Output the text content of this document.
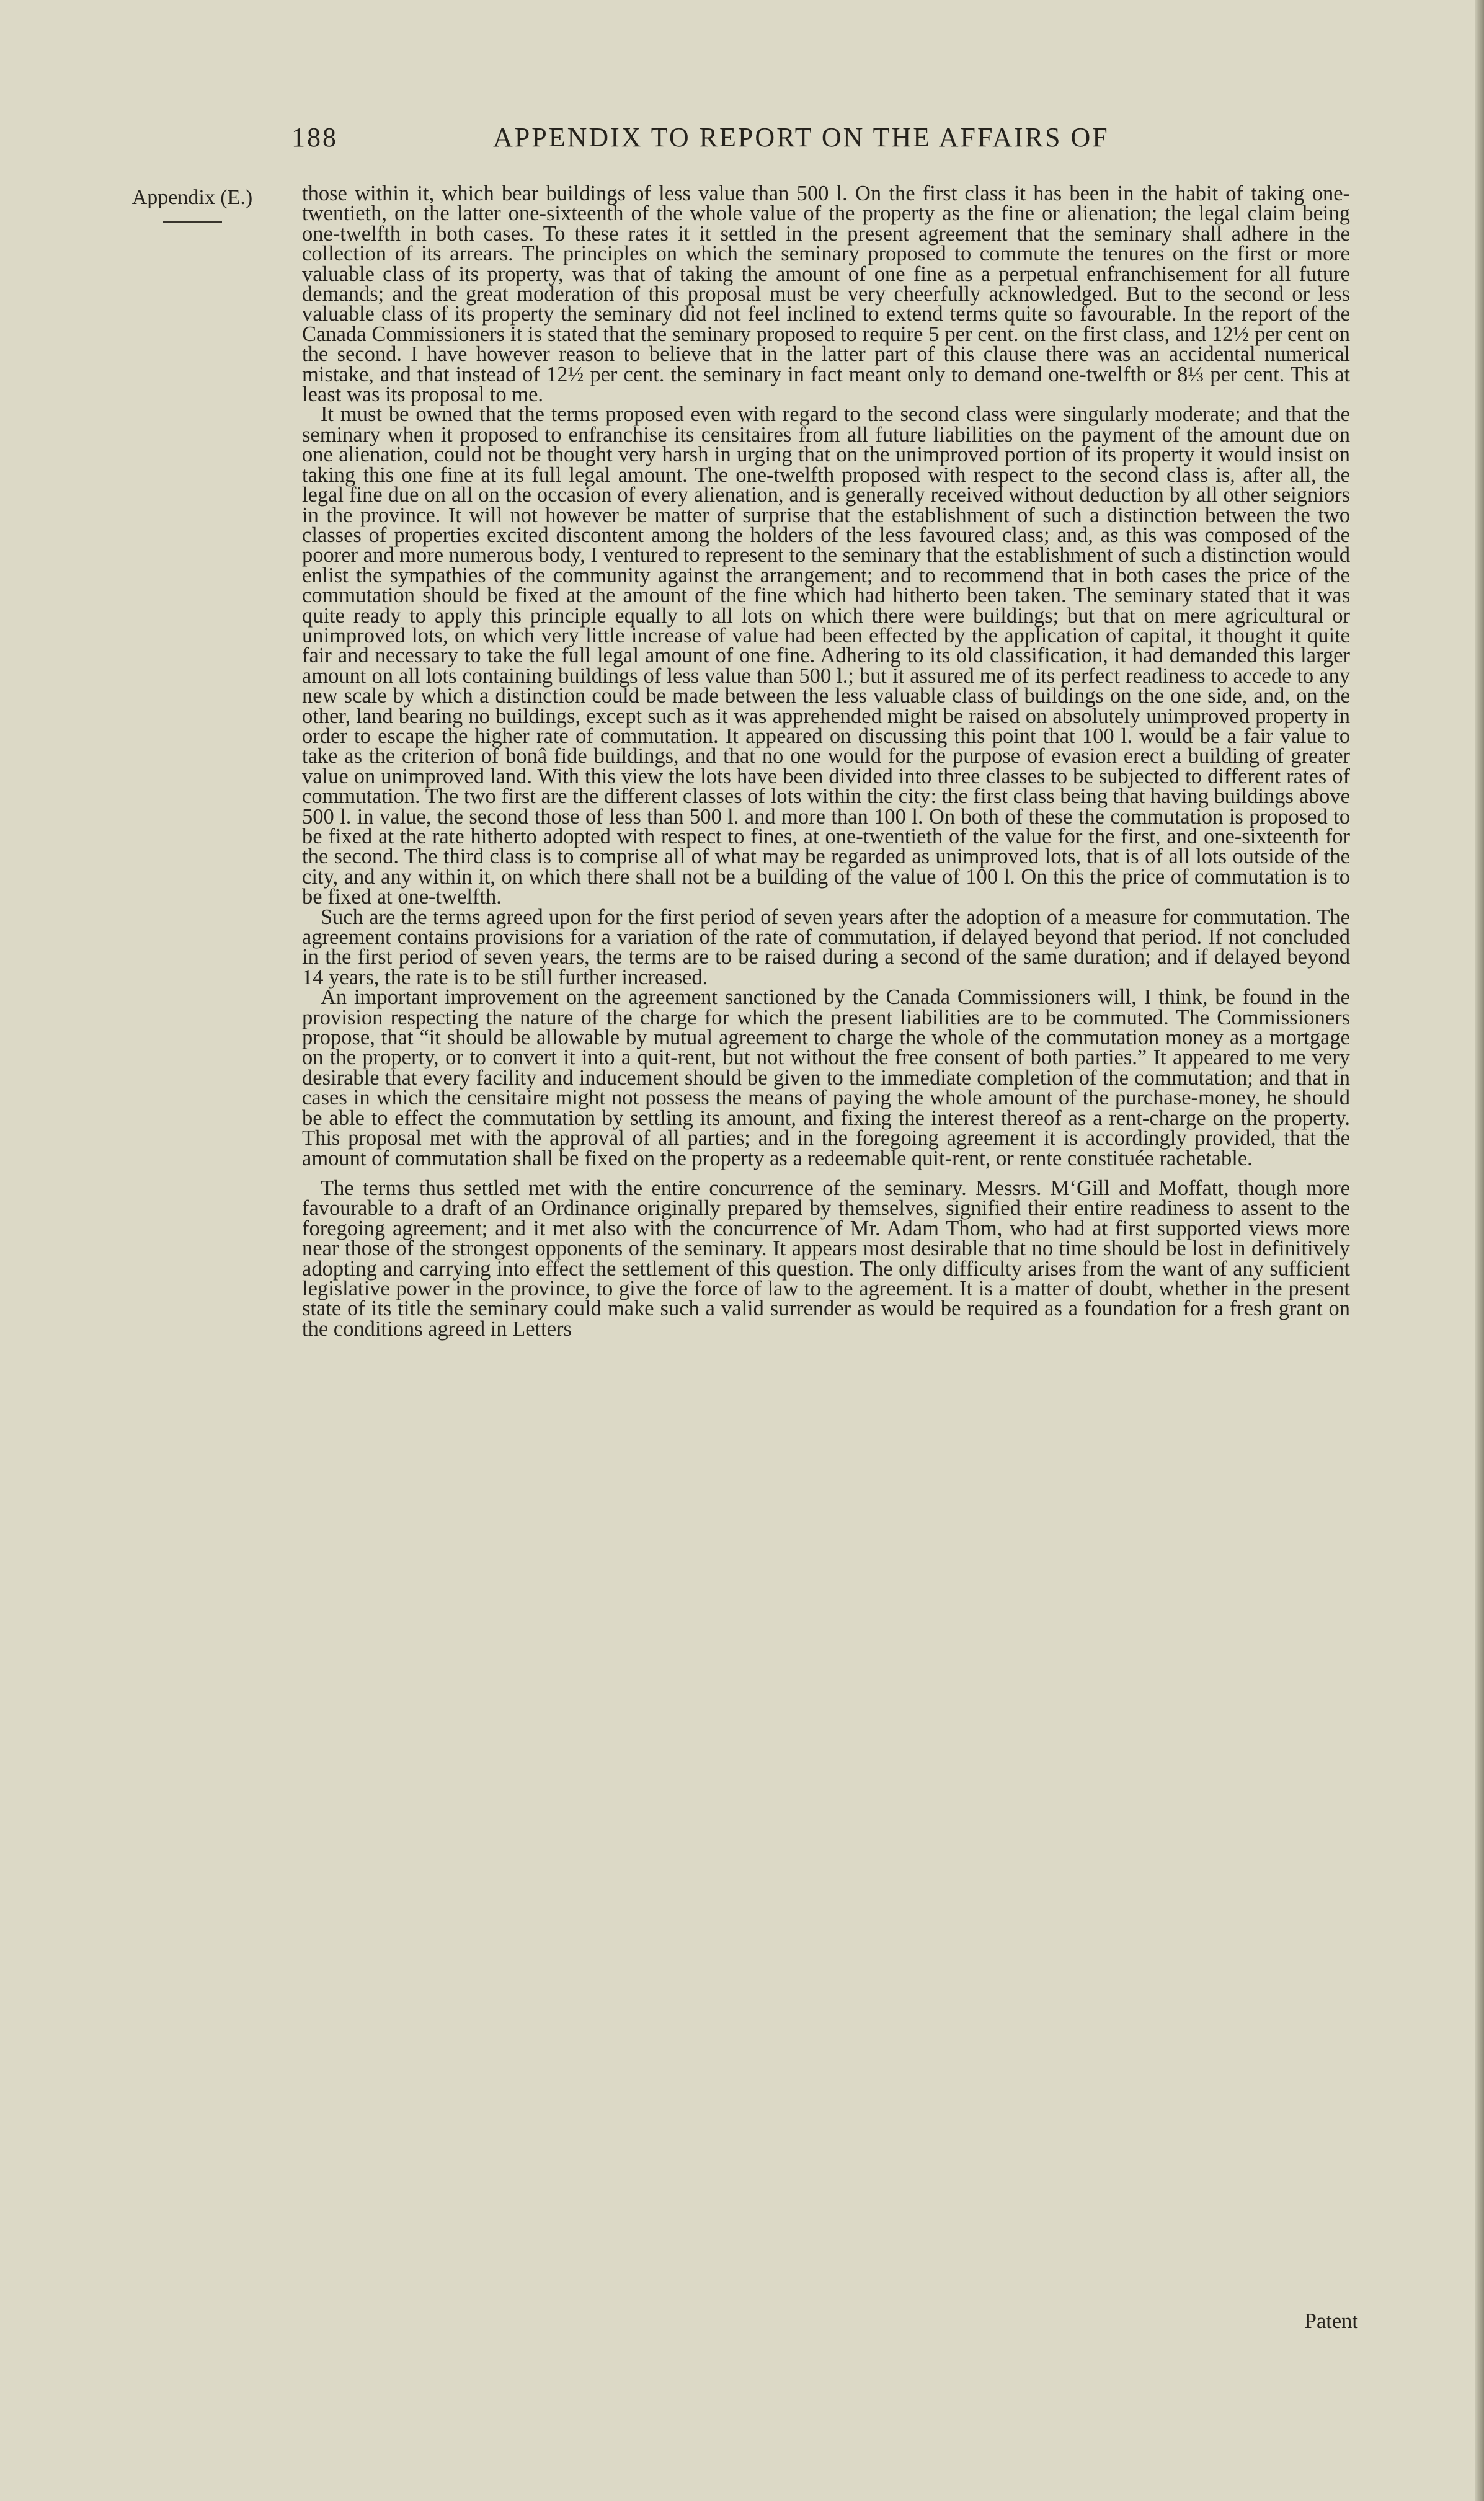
188	APPENDIX TO REPORT ON THE AFFAIRS OF
Appendix (E.)	those within it, which bear buildings of less value than 500 l. On the first class it has been in the habit of taking one-twentieth, on the latter one-sixteenth of the whole value of the property as the fine or alienation; the legal claim being one-twelfth in both cases. To these rates it it settled in the present agreement that the seminary shall adhere in the collection of its arrears. The principles on which the seminary proposed to commute the tenures on the first or more valuable class of its property, was that of taking the amount of one fine as a perpetual enfranchisement for all future demands; and the great moderation of this proposal must be very cheerfully acknowledged. But to the second or less valuable class of its property the seminary did not feel inclined to extend terms quite so favourable. In the report of the Canada Commissioners it is stated that the seminary proposed to require 5 per cent. on the first class, and 12½ per cent on the second. I have however reason to believe that in the latter part of this clause there was an accidental numerical mistake, and that instead of 12½ per cent. the seminary in fact meant only to demand one-twelfth or 8⅓ per cent. This at least was its proposal to me.

It must be owned that the terms proposed even with regard to the second class were singularly moderate; and that the seminary when it proposed to enfranchise its censitaires from all future liabilities on the payment of the amount due on one alienation, could not be thought very harsh in urging that on the unimproved portion of its property it would insist on taking this one fine at its full legal amount. The one-twelfth proposed with respect to the second class is, after all, the legal fine due on all on the occasion of every alienation, and is generally received without deduction by all other seigniors in the province. It will not however be matter of surprise that the establishment of such a distinction between the two classes of properties excited discontent among the holders of the less favoured class; and, as this was composed of the poorer and more numerous body, I ventured to represent to the seminary that the establishment of such a distinction would enlist the sympathies of the community against the arrangement; and to recommend that in both cases the price of the commutation should be fixed at the amount of the fine which had hitherto been taken. The seminary stated that it was quite ready to apply this principle equally to all lots on which there were buildings; but that on mere agricultural or unimproved lots, on which very little increase of value had been effected by the application of capital, it thought it quite fair and necessary to take the full legal amount of one fine. Adhering to its old classification, it had demanded this larger amount on all lots containing buildings of less value than 500 l.; but it assured me of its perfect readiness to accede to any new scale by which a distinction could be made between the less valuable class of buildings on the one side, and, on the other, land bearing no buildings, except such as it was apprehended might be raised on absolutely unimproved property in order to escape the higher rate of commutation. It appeared on discussing this point that 100 l. would be a fair value to take as the criterion of bonâ fide buildings, and that no one would for the purpose of evasion erect a building of greater value on unimproved land. With this view the lots have been divided into three classes to be subjected to different rates of commutation. The two first are the different classes of lots within the city: the first class being that having buildings above 500 l. in value, the second those of less than 500 l. and more than 100 l. On both of these the commutation is proposed to be fixed at the rate hitherto adopted with respect to fines, at one-twentieth of the value for the first, and one-sixteenth for the second. The third class is to comprise all of what may be regarded as unimproved lots, that is of all lots outside of the city, and any within it, on which there shall not be a building of the value of 100 l. On this the price of commutation is to be fixed at one-twelfth.

Such are the terms agreed upon for the first period of seven years after the adoption of a measure for commutation. The agreement contains provisions for a variation of the rate of commutation, if delayed beyond that period. If not concluded in the first period of seven years, the terms are to be raised during a second of the same duration; and if delayed beyond 14 years, the rate is to be still further increased.

An important improvement on the agreement sanctioned by the Canada Commissioners will, I think, be found in the provision respecting the nature of the charge for which the present liabilities are to be commuted. The Commissioners propose, that “it should be allowable by mutual agreement to charge the whole of the commutation money as a mortgage on the property, or to convert it into a quit-rent, but not without the free consent of both parties.” It appeared to me very desirable that every facility and inducement should be given to the immediate completion of the commutation; and that in cases in which the censitaire might not possess the means of paying the whole amount of the purchase-money, he should be able to effect the commutation by settling its amount, and fixing the interest thereof as a rent-charge on the property. This proposal met with the approval of all parties; and in the foregoing agreement it is accordingly provided, that the amount of commutation shall be fixed on the property as a redeemable quit-rent, or rente constituée rachetable.

The terms thus settled met with the entire concurrence of the seminary. Messrs. M‘Gill and Moffatt, though more favourable to a draft of an Ordinance originally prepared by themselves, signified their entire readiness to assent to the foregoing agreement; and it met also with the concurrence of Mr. Adam Thom, who had at first supported views more near those of the strongest opponents of the seminary. It appears most desirable that no time should be lost in definitively adopting and carrying into effect the settlement of this question. The only difficulty arises from the want of any sufficient legislative power in the province, to give the force of law to the agreement. It is a matter of doubt, whether in the present state of its title the seminary could make such a valid surrender as would be required as a foundation for a fresh grant on the conditions agreed in Letters

Patent
